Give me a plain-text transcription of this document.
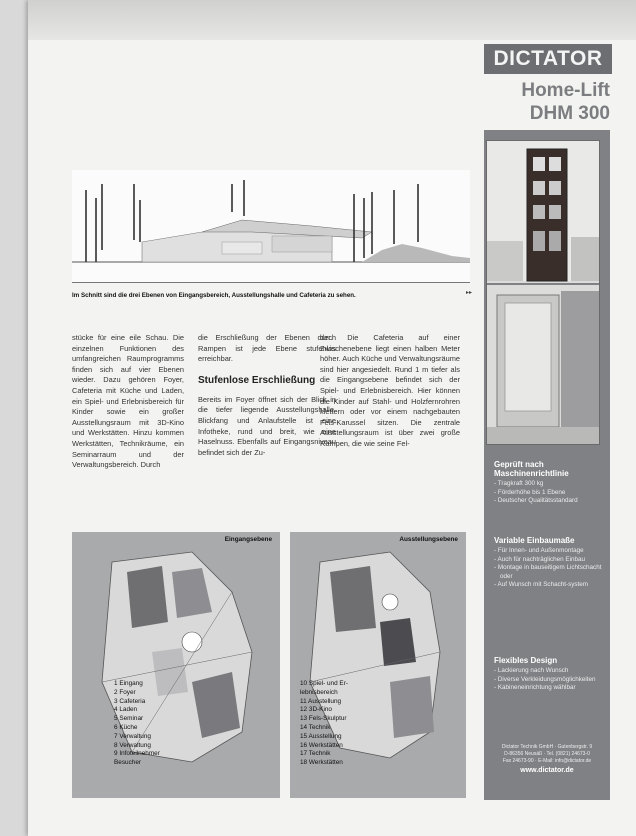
Im Schnitt sind die drei Ebenen von Eingangsbereich, Ausstellungshalle und Cafeteria zu sehen.	▸▸

stücke für eine eile Schau. Die einzelnen Funktionen des umfangreichen Raumprogramms finden sich auf vier Ebenen wieder. Dazu gehören Foyer, Cafeteria mit Küche und Laden, ein Spiel- und Erlebnisbereich für Kinder sowie ein großer Ausstellungsraum mit 3D-Kino und Werkstätten. Hinzu kommen Werkstätten, Technikräume, ein Seminarraum und der Verwaltungsbereich. Durch

die Erschließung der Ebenen durch Rampen ist jede Ebene stufenlos erreichbar.

Stufenlose Erschließung

Bereits im Foyer öffnet sich der Blick in die tiefer liegende Ausstellungshalle. Blickfang und Anlaufstelle ist eine Infotheke, rund und breit, wie eine Haselnuss. Ebenfalls auf Eingangsniveau befindet sich der Zu-

der. Die Cafeteria auf einer Zwischenebene liegt einen halben Meter höher. Auch Küche und Verwaltungsräume sind hier angesiedelt. Rund 1 m tiefer als die Eingangsebene befindet sich der Spiel- und Erlebnisbereich. Hier können die Kinder auf Stahl- und Holzfernrohren klettern oder vor einem nachgebauten Fels-Karussel sitzen. Die zentrale Ausstellungsraum ist über zwei große Rampen, die wie seine Fel-

Eingangsebene	Ausstellungsebene
1 Eingang
2 Foyer
3 Cafeteria
4 Laden
5 Seminar
6 Küche
7 Verwaltung
8 Verwaltung
9 Infoteilnehmer
Besucher
10 Spiel- und Er-
lebnisbereich
11 Ausstellung
12 3D-Kino
13 Fels-Skulptur
14 Technik
15 Ausstellung
16 Werkstätten
17 Technik
18 Werkstätten
DICTATOR
Home-Lift
DHM 300
Geprüft nach Maschinenrichtlinie
- Tragkraft 300 kg
- Förderhöhe bis 1 Ebene
- Deutscher Qualitätsstandard
Variable Einbaumaße
- Für Innen- und Außenmontage
- Auch für nachträglichen Einbau
- Montage in bauseitigem Lichtschacht oder
- Auf Wunsch mit Schacht-system
Flexibles Design
- Lackierung nach Wunsch
- Diverse Verkleidungsmöglichkeiten
- Kabineneinrichtung wählbar
Dictator Technik GmbH · Gutenbergstr. 9
D-86356 Neusäß · Tel. (0821) 24673-0
Fax 24673-90 · E-Mail: info@dictator.de
www.dictator.de
